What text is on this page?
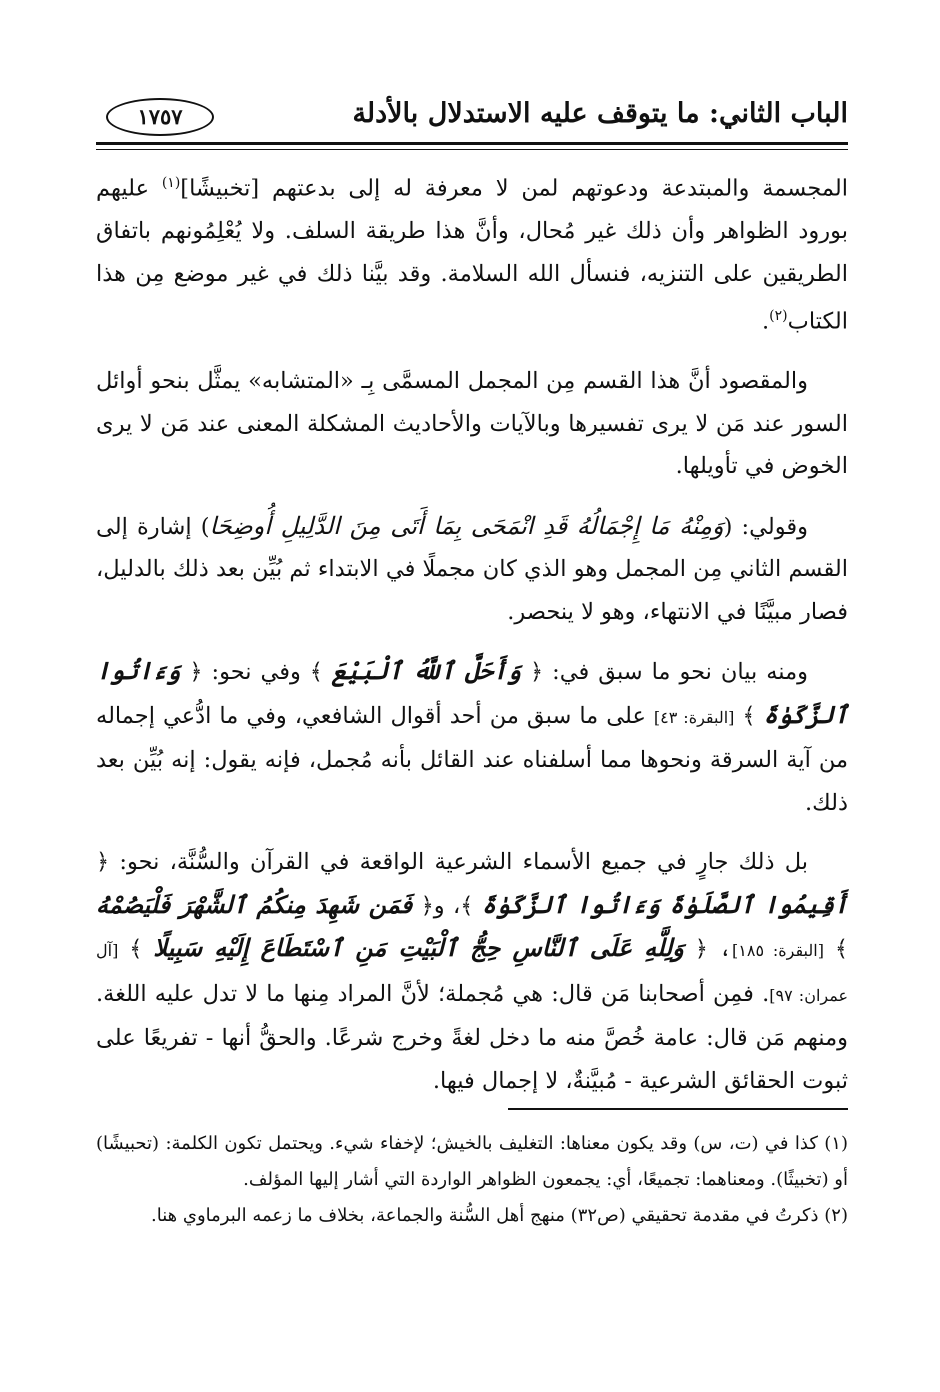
الباب الثاني: ما يتوقف عليه الاستدلال بالأدلة
١٧٥٧

المجسمة والمبتدعة ودعوتهم لمن لا معرفة له إلى بدعتهم [تخبيشًا]$^{(١)}$ عليهم بورود الظواهر وأن ذلك غير مُحال، وأنَّ هذا طريقة السلف. ولا يُعْلِمُونهم باتفاق الطريقين على التنزيه، فنسأل الله السلامة. وقد بيَّنا ذلك في غير موضع مِن هذا الكتاب$^{(٢)}$.

والمقصود أنَّ هذا القسم مِن المجمل المسمَّى بِـ «المتشابه» يمثَّل بنحو أوائل السور عند مَن لا يرى تفسيرها وبالآيات والأحاديث المشكلة المعنى عند مَن لا يرى الخوض في تأويلها.

وقولي: (وَمِنْهُ مَا إِجْمَالُهُ قَدِ انْمَحَى بِمَا أَتَى مِنَ الدَّلِيلِ أُوضِحَا) إشارة إلى القسم الثاني مِن المجمل وهو الذي كان مجملًا في الابتداء ثم بُيِّن بعد ذلك بالدليل، فصار مبيَّنًا في الانتهاء، وهو لا ينحصر.

ومنه بيان نحو ما سبق في: ﴿ وَأَحَلَّ ٱللَّهُ ٱلْبَيْعَ ﴾ وفي نحو: ﴿ وَءَاتُوا ٱلزَّكَوٰةَ ﴾ [البقرة: ٤٣] على ما سبق من أحد أقوال الشافعي، وفي ما ادُّعي إجماله من آية السرقة ونحوها مما أسلفناه عند القائل بأنه مُجمل، فإنه يقول: إنه بُيِّن بعد ذلك.

بل ذلك جارٍ في جميع الأسماء الشرعية الواقعة في القرآن والسُّنَّة، نحو: ﴿ أَقِيمُوا ٱلصَّلَوٰةَ وَءَاتُوا ٱلزَّكَوٰةَ ﴾، و﴿ فَمَن شَهِدَ مِنكُمُ ٱلشَّهْرَ فَلْيَصُمْهُ ﴾ [البقرة: ١٨٥]، ﴿ وَلِلَّهِ عَلَى ٱلنَّاسِ حِجُّ ٱلْبَيْتِ مَنِ ٱسْتَطَاعَ إِلَيْهِ سَبِيلًا ﴾ [آل عمران: ٩٧]. فمِن أصحابنا مَن قال: هي مُجملة؛ لأنَّ المراد مِنها ما لا تدل عليه اللغة. ومنهم مَن قال: عامة خُصَّ منه ما دخل لغةً وخرج شرعًا. والحقُّ أنها - تفريعًا على ثبوت الحقائق الشرعية - مُبيَّنةٌ، لا إجمال فيها.

(١) كذا في (ت، س) وقد يكون معناها: التغليف بالخيش؛ لإخفاء شيء. ويحتمل تكون الكلمة: (تحبيشًا) أو (تخبيثًا). ومعناهما: تجميعًا، أي: يجمعون الظواهر الواردة التي أشار إليها المؤلف.

(٢) ذكرتُ في مقدمة تحقيقي (ص٣٢) منهج أهل السُّنة والجماعة، بخلاف ما زعمه البرماوي هنا.
